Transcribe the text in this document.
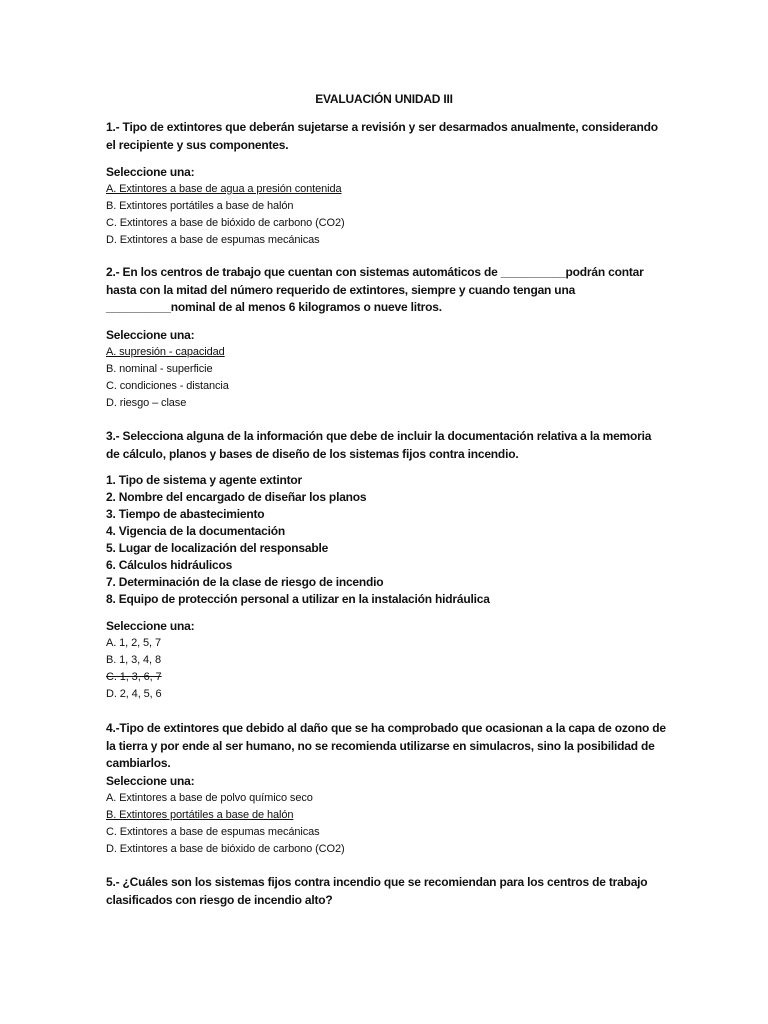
EVALUACIÓN UNIDAD III

1.- Tipo de extintores que deberán sujetarse a revisión y ser desarmados anualmente, considerando el recipiente y sus componentes.

Seleccione una:

A. Extintores a base de agua a presión contenida

B. Extintores portátiles a base de halón

C. Extintores a base de bióxido de carbono (CO2)

D. Extintores a base de espumas mecánicas

2.- En los centros de trabajo que cuentan con sistemas automáticos de __________podrán contar hasta con la mitad del número requerido de extintores, siempre y cuando tengan una __________nominal de al menos 6 kilogramos o nueve litros.

Seleccione una:

A. supresión - capacidad

B. nominal - superficie

C. condiciones - distancia

D. riesgo – clase

3.- Selecciona alguna de la información que debe de incluir la documentación relativa a la memoria de cálculo, planos y bases de diseño de los sistemas fijos contra incendio.

1. Tipo de sistema y agente extintor

2. Nombre del encargado de diseñar los planos

3. Tiempo de abastecimiento

4. Vigencia de la documentación

5. Lugar de localización del responsable

6. Cálculos hidráulicos

7. Determinación de la clase de riesgo de incendio

8. Equipo de protección personal a utilizar en la instalación hidráulica

Seleccione una:

A. 1, 2, 5, 7

B. 1, 3, 4, 8

C. 1, 3, 6, 7

D. 2, 4, 5, 6

4.-Tipo de extintores que debido al daño que se ha comprobado que ocasionan a la capa de ozono de la tierra y por ende al ser humano, no se recomienda utilizarse en simulacros, sino la posibilidad de cambiarlos.

Seleccione una:

A. Extintores a base de polvo químico seco

B. Extintores portátiles a base de halón

C. Extintores a base de espumas mecánicas

D. Extintores a base de bióxido de carbono (CO2)

5.- ¿Cuáles son los sistemas fijos contra incendio que se recomiendan para los centros de trabajo clasificados con riesgo de incendio alto?
